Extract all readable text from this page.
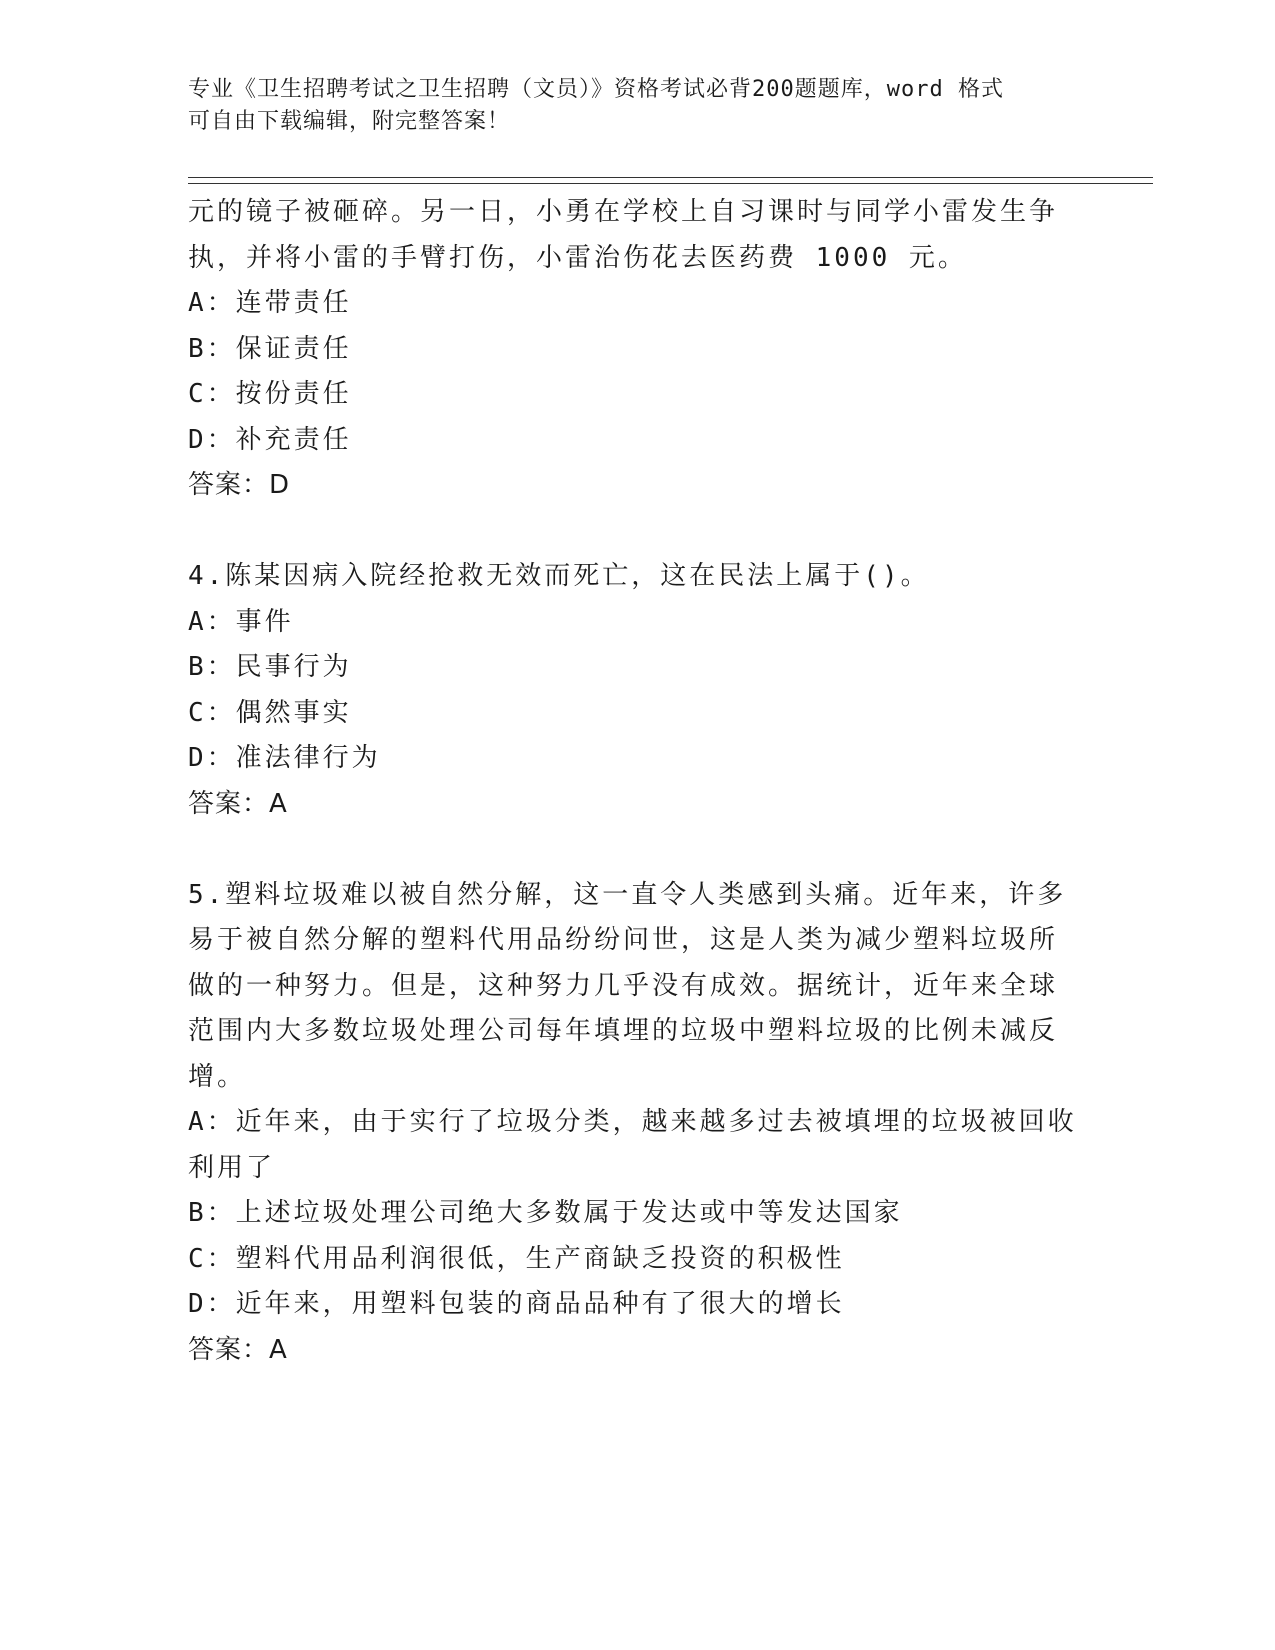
专业《卫生招聘考试之卫生招聘（文员）》资格考试必背200题题库，word 格式
可自由下载编辑，附完整答案！
元的镜子被砸碎。另一日，小勇在学校上自习课时与同学小雷发生争
执，并将小雷的手臂打伤，小雷治伤花去医药费 1000 元。
A：连带责任
B：保证责任
C：按份责任
D：补充责任
答案：D
4.陈某因病入院经抢救无效而死亡，这在民法上属于()。
A：事件
B：民事行为
C：偶然事实
D：准法律行为
答案：A
5.塑料垃圾难以被自然分解，这一直令人类感到头痛。近年来，许多
易于被自然分解的塑料代用品纷纷问世，这是人类为减少塑料垃圾所
做的一种努力。但是，这种努力几乎没有成效。据统计，近年来全球
范围内大多数垃圾处理公司每年填埋的垃圾中塑料垃圾的比例未减反
增。
A：近年来，由于实行了垃圾分类，越来越多过去被填埋的垃圾被回收
利用了
B：上述垃圾处理公司绝大多数属于发达或中等发达国家
C：塑料代用品利润很低，生产商缺乏投资的积极性
D：近年来，用塑料包装的商品品种有了很大的增长
答案：A
